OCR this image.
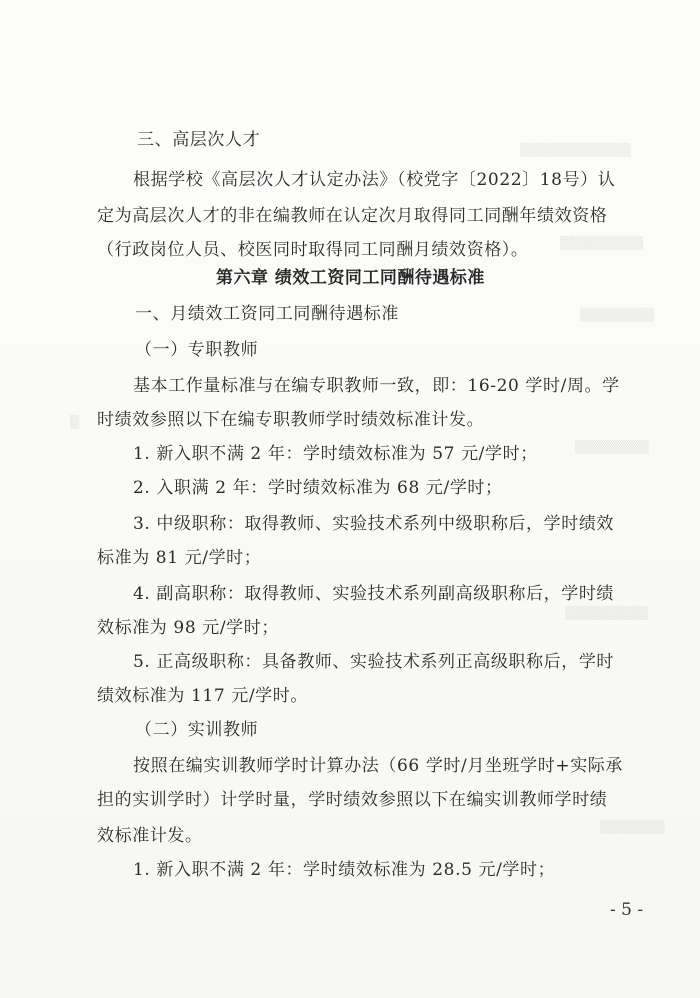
▒▒▒▒▒▒▒▒▒▒▒▒
▒▒▒▒▒▒▒▒▒
▒▒▒▒▒▒▒▒
▒
▒▒▒▒▒▒▒▒
▒▒▒▒▒▒▒▒▒
▒▒▒▒▒▒▒
三、高层次人才
根据学校《高层次人才认定办法》（校党字〔2022〕18号）认
定为高层次人才的非在编教师在认定次月取得同工同酬年绩效资格
（行政岗位人员、校医同时取得同工同酬月绩效资格）。
第六章 绩效工资同工同酬待遇标准
一、月绩效工资同工同酬待遇标准
（一）专职教师
基本工作量标准与在编专职教师一致，即：16-20 学时/周。学
时绩效参照以下在编专职教师学时绩效标准计发。
1. 新入职不满 2 年：学时绩效标准为 57 元/学时；
2. 入职满 2 年：学时绩效标准为 68 元/学时；
3. 中级职称：取得教师、实验技术系列中级职称后，学时绩效
标准为 81 元/学时；
4. 副高职称：取得教师、实验技术系列副高级职称后，学时绩
效标准为 98 元/学时；
5. 正高级职称：具备教师、实验技术系列正高级职称后，学时
绩效标准为 117 元/学时。
（二）实训教师
按照在编实训教师学时计算办法（66 学时/月坐班学时+实际承
担的实训学时）计学时量，学时绩效参照以下在编实训教师学时绩
效标准计发。
1. 新入职不满 2 年：学时绩效标准为 28.5 元/学时；
- 5 -
